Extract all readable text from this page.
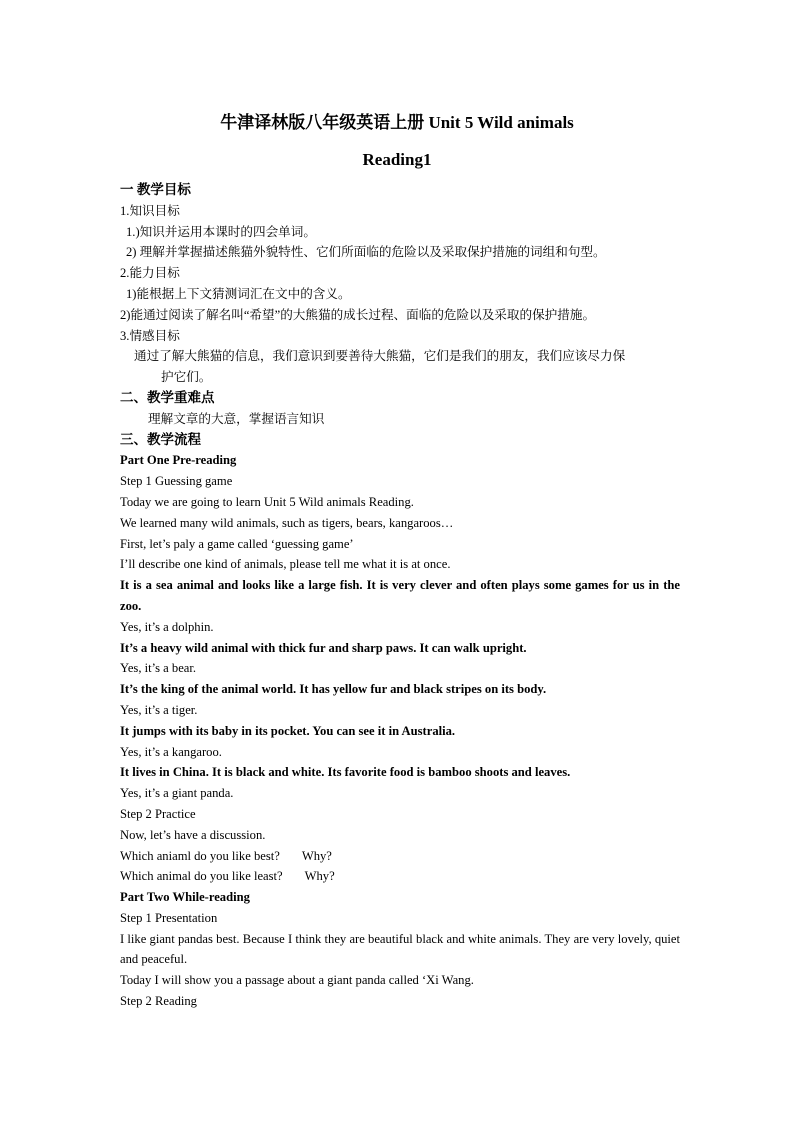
牛津译林版八年级英语上册 Unit 5 Wild animals
Reading1
一 教学目标
1.知识目标
1.)知识并运用本课时的四会单词。
2) 理解并掌握描述熊猫外貌特性、它们所面临的危险以及采取保护措施的词组和句型。
2.能力目标
1)能根据上下文猜测词汇在文中的含义。
2)能通过阅读了解名叫“希望”的大熊猫的成长过程、面临的危险以及采取的保护措施。
3.情感目标
通过了解大熊猫的信息，我们意识到要善待大熊猫，它们是我们的朋友，我们应该尽力保
护它们。
二、教学重难点
理解文章的大意，掌握语言知识
三、教学流程
Part One Pre-reading
Step 1 Guessing game
Today we are going to learn Unit 5 Wild animals Reading.
We learned many wild animals, such as tigers, bears, kangaroos…
First, let’s paly a game called ‘guessing game’
I’ll describe one kind of animals, please tell me what it is at once.
It is a sea animal and looks like a large fish. It is very clever and often plays some games for us in the zoo.
Yes, it’s a dolphin.
It’s a heavy wild animal with thick fur and sharp paws. It can walk upright.
Yes, it’s a bear.
It’s the king of the animal world. It has yellow fur and black stripes on its body.
Yes, it’s a tiger.
It jumps with its baby in its pocket. You can see it in Australia.
Yes, it’s a kangaroo.
It lives in China. It is black and white. Its favorite food is bamboo shoots and leaves.
Yes, it’s a giant panda.
Step 2 Practice
Now, let’s have a discussion.
Which aniaml do you like best? Why?
Which animal do you like least? Why?
Part Two While-reading
Step 1 Presentation
I like giant pandas best. Because I think they are beautiful black and white animals. They are very lovely, quiet and peaceful.
Today I will show you a passage about a giant panda called ‘Xi Wang.
Step 2 Reading
